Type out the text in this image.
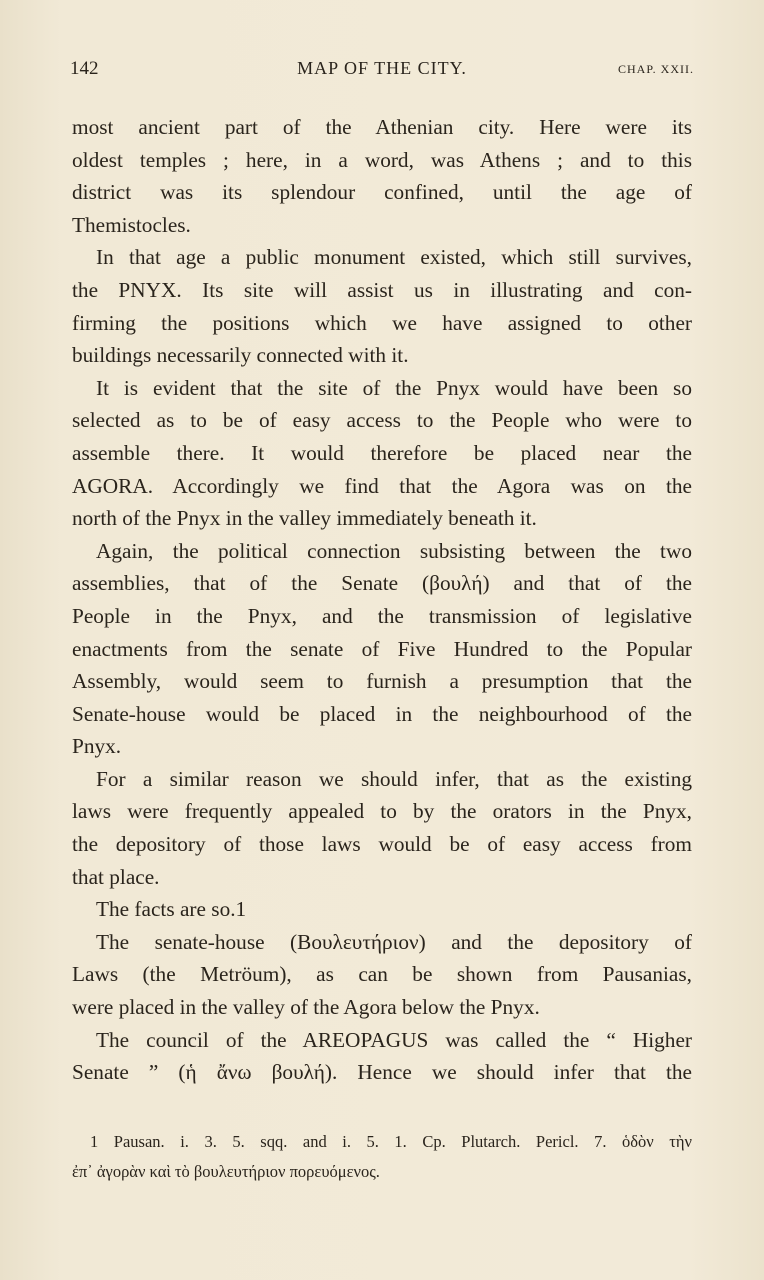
142	MAP OF THE CITY.	CHAP. XXII.
most ancient part of the Athenian city. Here were its
oldest temples ; here, in a word, was Athens ; and to this
district was its splendour confined, until the age of
Themistocles.
In that age a public monument existed, which still survives,
the PNYX. Its site will assist us in illustrating and con-
firming the positions which we have assigned to other
buildings necessarily connected with it.
It is evident that the site of the Pnyx would have been so
selected as to be of easy access to the People who were to
assemble there. It would therefore be placed near the
AGORA. Accordingly we find that the Agora was on the
north of the Pnyx in the valley immediately beneath it.
Again, the political connection subsisting between the two
assemblies, that of the Senate (βουλή) and that of the
People in the Pnyx, and the transmission of legislative
enactments from the senate of Five Hundred to the Popular
Assembly, would seem to furnish a presumption that the
Senate-house would be placed in the neighbourhood of the
Pnyx.
For a similar reason we should infer, that as the existing
laws were frequently appealed to by the orators in the Pnyx,
the depository of those laws would be of easy access from
that place.
The facts are so.1
The senate-house (Βουλευτήριον) and the depository of
Laws (the Metröum), as can be shown from Pausanias,
were placed in the valley of the Agora below the Pnyx.
The council of the AREOPAGUS was called the “ Higher
Senate ” (ἡ ἄνω βουλή). Hence we should infer that the
1 Pausan. i. 3. 5. sqq. and i. 5. 1. Cp. Plutarch. Pericl. 7. ὁδὸν τὴν
ἐπ᾽ ἀγορὰν καὶ τὸ βουλευτήριον πορευόμενος.
